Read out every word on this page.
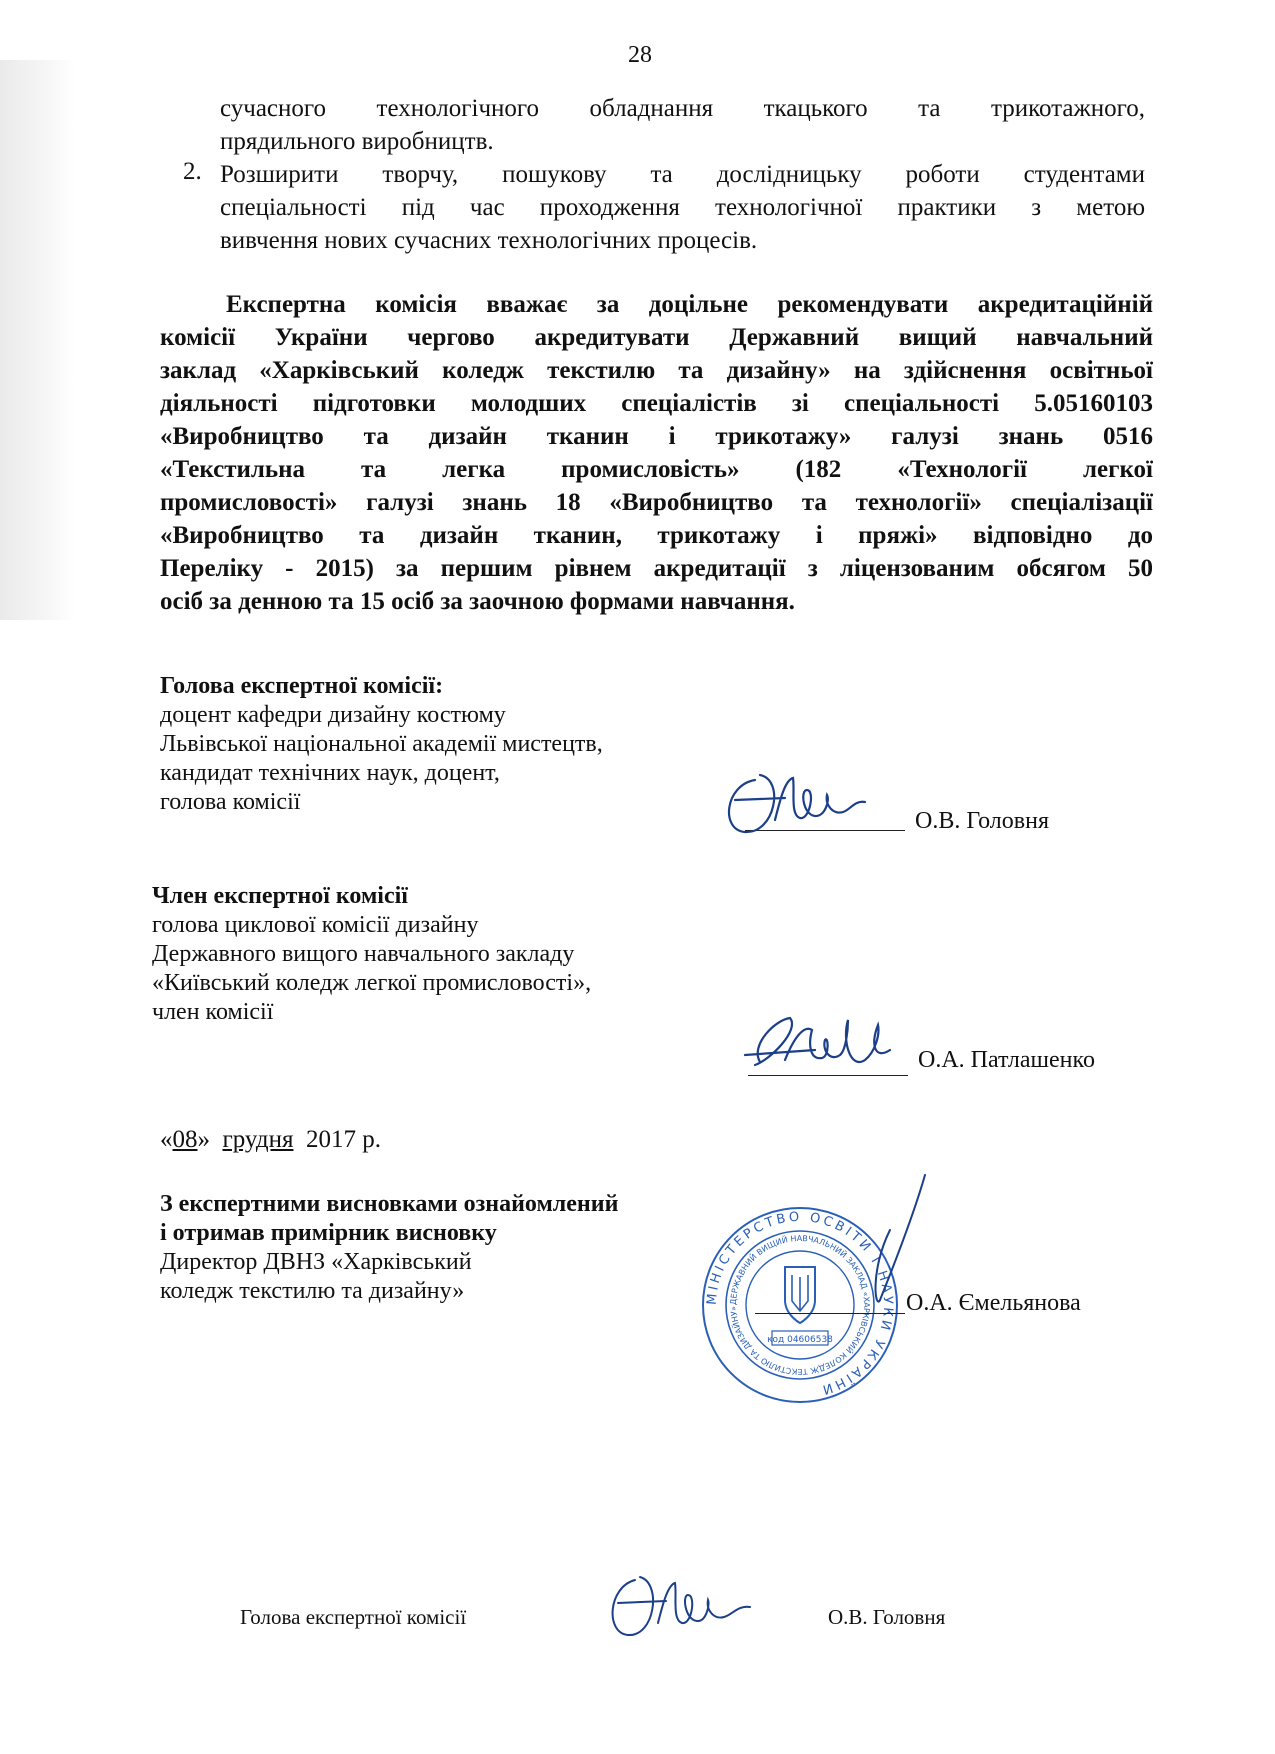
28

сучасного технологічного обладнання ткацького та трикотажного,

прядильного виробництв.

2. Розширити творчу, пошукову та дослідницьку роботи студентами

спеціальності під час проходження технологічної практики з метою

вивчення нових сучасних технологічних процесів.

Експертна комісія вважає за доцільне рекомендувати акредитаційній

комісії України чергово акредитувати Державний вищий навчальний

заклад «Харківський коледж текстилю та дизайну» на здійснення освітньої

діяльності підготовки молодших спеціалістів зі спеціальності 5.05160103

«Виробництво та дизайн тканин і трикотажу» галузі знань 0516

«Текстильна та легка промисловість» (182 «Технології легкої

промисловості» галузі знань 18 «Виробництво та технології» спеціалізації

«Виробництво та дизайн тканин, трикотажу і пряжі» відповідно до

Переліку - 2015) за першим рівнем акредитації з ліцензованим обсягом 50

осіб за денною та 15 осіб за заочною формами навчання.

Голова експертної комісії:
доцент кафедри дизайну костюму
Львівської національної академії мистецтв,
кандидат технічних наук, доцент,
голова комісії
О.В. Головня
Член експертної комісії
голова циклової комісії дизайну
Державного вищого навчального закладу
«Київський коледж легкої промисловості»,
член комісії
О.А. Патлашенко
«08» грудня 2017 р.
З експертними висновками ознайомлений
і отримав примірник висновку
Директор ДВНЗ «Харківський
коледж текстилю та дизайну»	МІНІСТЕРСТВО ОСВІТИ І НАУКИ УКРАЇНИ
ДЕРЖАВНИЙ ВИЩИЙ НАВЧАЛЬНИЙ ЗАКЛАД «ХАРКІВСЬКИЙ КОЛЕДЖ ТЕКСТИЛЮ ТА ДИЗАЙНУ»
код 04606538
О.А. Ємельянова
Голова експертної комісії	О.В. Головня
